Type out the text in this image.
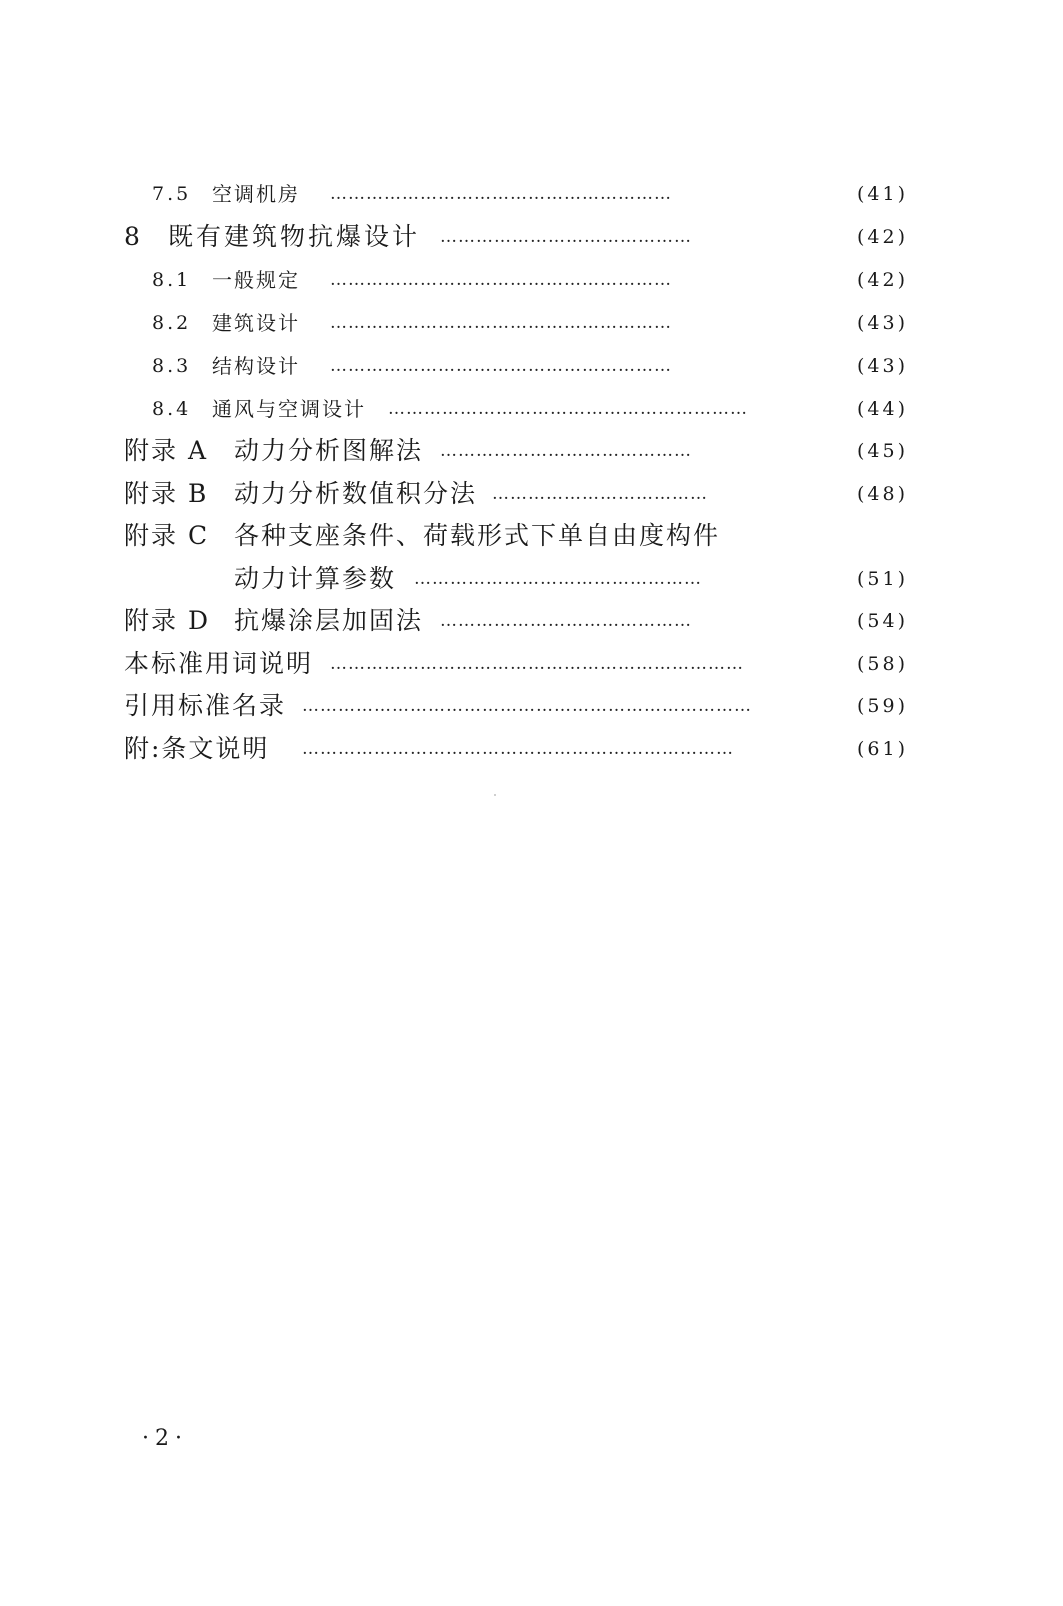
7.5 空调机房 …………………………………………………	(41)
8 既有建筑物抗爆设计 ……………………………………	(42)
8.1 一般规定 …………………………………………………	(42)
8.2 建筑设计 …………………………………………………	(43)
8.3 结构设计 …………………………………………………	(43)
8.4 通风与空调设计 ……………………………………………………	(44)
附录 A 动力分析图解法 ……………………………………	(45)
附录 B 动力分析数值积分法 ………………………………	(48)
附录 C 各种支座条件、荷载形式下单自由度构件
动力计算参数 …………………………………………	(51)
附录 D 抗爆涂层加固法 ……………………………………	(54)
本标准用词说明 ……………………………………………………………	(58)
引用标准名录 …………………………………………………………………	(59)
附:条文说明 ………………………………………………………………	(61)
·2·
